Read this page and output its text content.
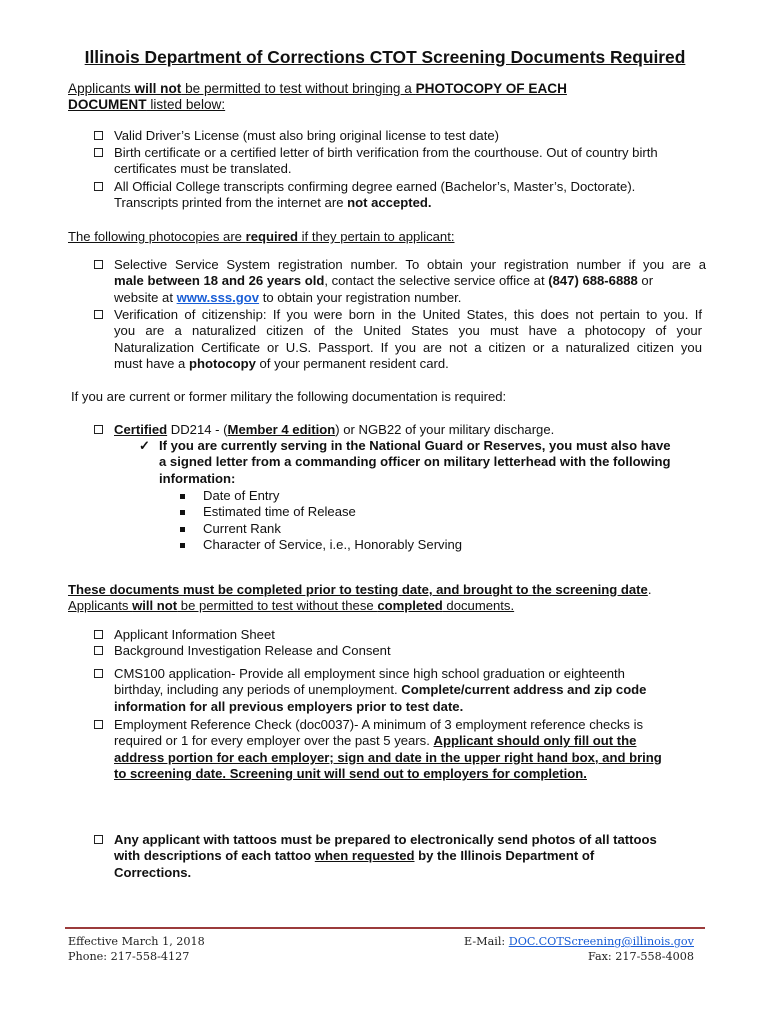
Illinois Department of Corrections CTOT Screening Documents Required
Applicants will not be permitted to test without bringing a PHOTOCOPY OF EACH
DOCUMENT listed below:
Valid Driver’s License (must also bring original license to test date)
Birth certificate or a certified letter of birth verification from the courthouse. Out of country birth
certificates must be translated.
All Official College transcripts confirming degree earned (Bachelor’s, Master’s, Doctorate).
Transcripts printed from the internet are not accepted.
The following photocopies are required if they pertain to applicant:
Selective Service System registration number. To obtain your registration number if you are a
male between 18 and 26 years old, contact the selective service office at (847) 688-6888 or
website at www.sss.gov to obtain your registration number.
Verification of citizenship: If you were born in the United States, this does not pertain to you. If
you are a naturalized citizen of the United States you must have a photocopy of your
Naturalization Certificate or U.S. Passport. If you are not a citizen or a naturalized citizen you
must have a photocopy of your permanent resident card.
If you are current or former military the following documentation is required:
Certified DD214 - (Member 4 edition) or NGB22 of your military discharge.
✓ If you are currently serving in the National Guard or Reserves, you must also have
a signed letter from a commanding officer on military letterhead with the following
information:
Date of Entry
Estimated time of Release
Current Rank
Character of Service, i.e., Honorably Serving
These documents must be completed prior to testing date, and brought to the screening date.
Applicants will not be permitted to test without these completed documents.
Applicant Information Sheet
Background Investigation Release and Consent
CMS100 application- Provide all employment since high school graduation or eighteenth
birthday, including any periods of unemployment. Complete/current address and zip code
information for all previous employers prior to test date.
Employment Reference Check (doc0037)- A minimum of 3 employment reference checks is
required or 1 for every employer over the past 5 years. Applicant should only fill out the
address portion for each employer; sign and date in the upper right hand box, and bring
to screening date. Screening unit will send out to employers for completion.
Any applicant with tattoos must be prepared to electronically send photos of all tattoos
with descriptions of each tattoo when requested by the Illinois Department of
Corrections.
Effective March 1, 2018
Phone: 217-558-4127
E-Mail: DOC.COTScreening@illinois.gov
Fax: 217-558-4008
